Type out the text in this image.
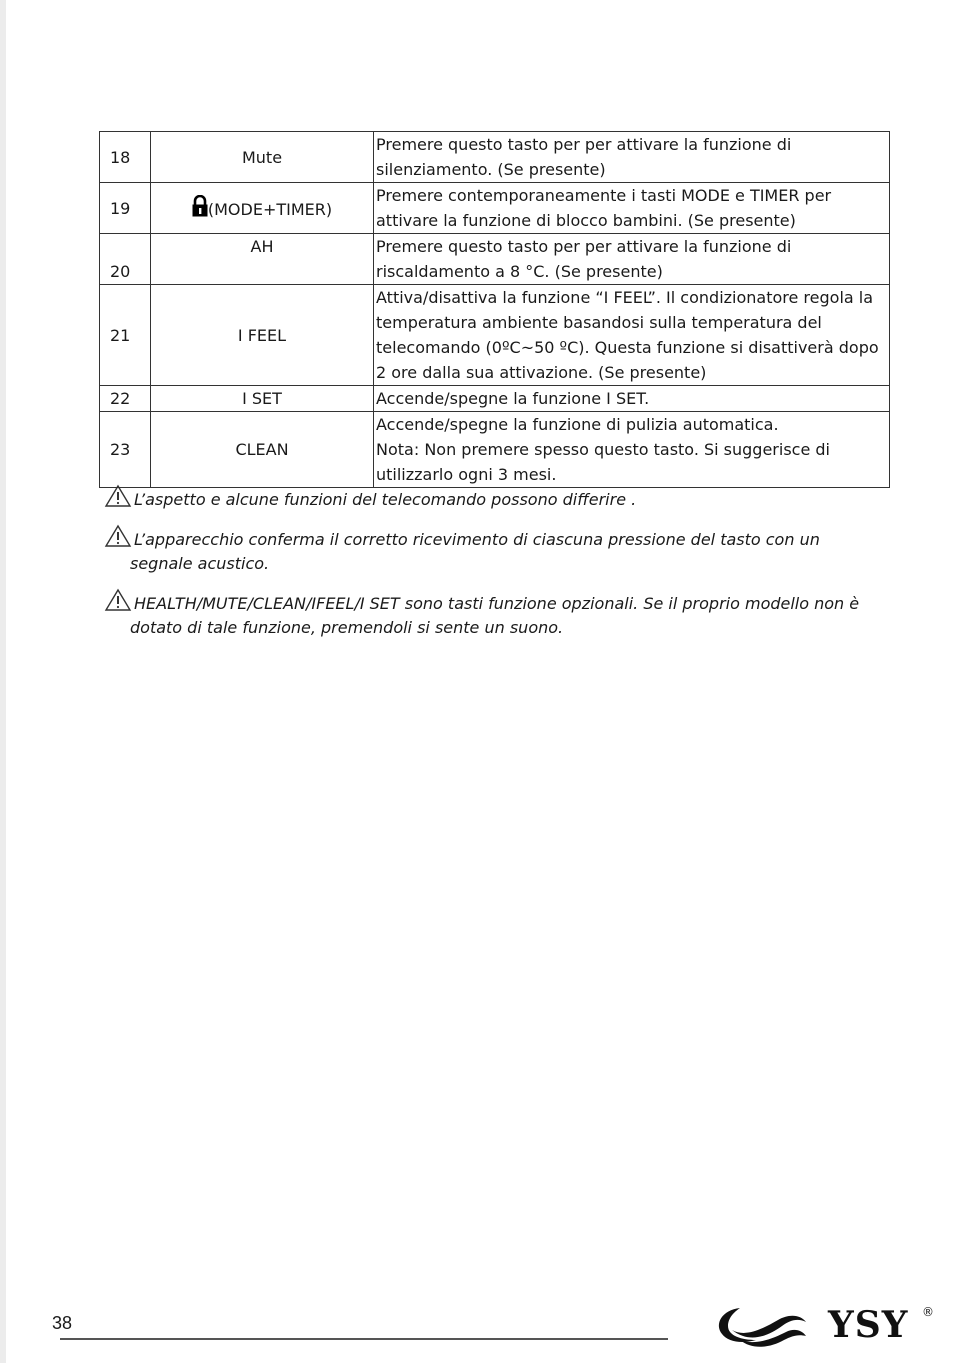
18	Mute	Premere questo tasto per per attivare la funzione di
silenziamento. (Se presente)

19	(MODE+TIMER)	Premere contemporaneamente i tasti MODE e TIMER per
attivare la funzione di blocco bambini. (Se presente)

20	AH	Premere questo tasto per per attivare la funzione di
riscaldamento a 8 °C. (Se presente)

21	I FEEL	Attiva/disattiva la funzione “I FEEL”. Il condizionatore regola la
temperatura ambiente basandosi sulla temperatura del
telecomando (0ºC~50 ºC). Questa funzione si disattiverà dopo
2 ore dalla sua attivazione. (Se presente)

22	I SET	Accende/spegne la funzione I SET.

23	CLEAN	Accende/spegne la funzione di pulizia automatica.
Nota: Non premere spesso questo tasto. Si suggerisce di
utilizzarlo ogni 3 mesi.
L’aspetto e alcune funzioni del telecomando possono differire .
L’apparecchio conferma il corretto ricevimento di ciascuna pressione del tasto con un
segnale acustico.
HEALTH/MUTE/CLEAN/IFEEL/I SET sono tasti funzione opzionali. Se il proprio modello non è
dotato di tale funzione, premendoli si sente un suono.
38	YSY ®
